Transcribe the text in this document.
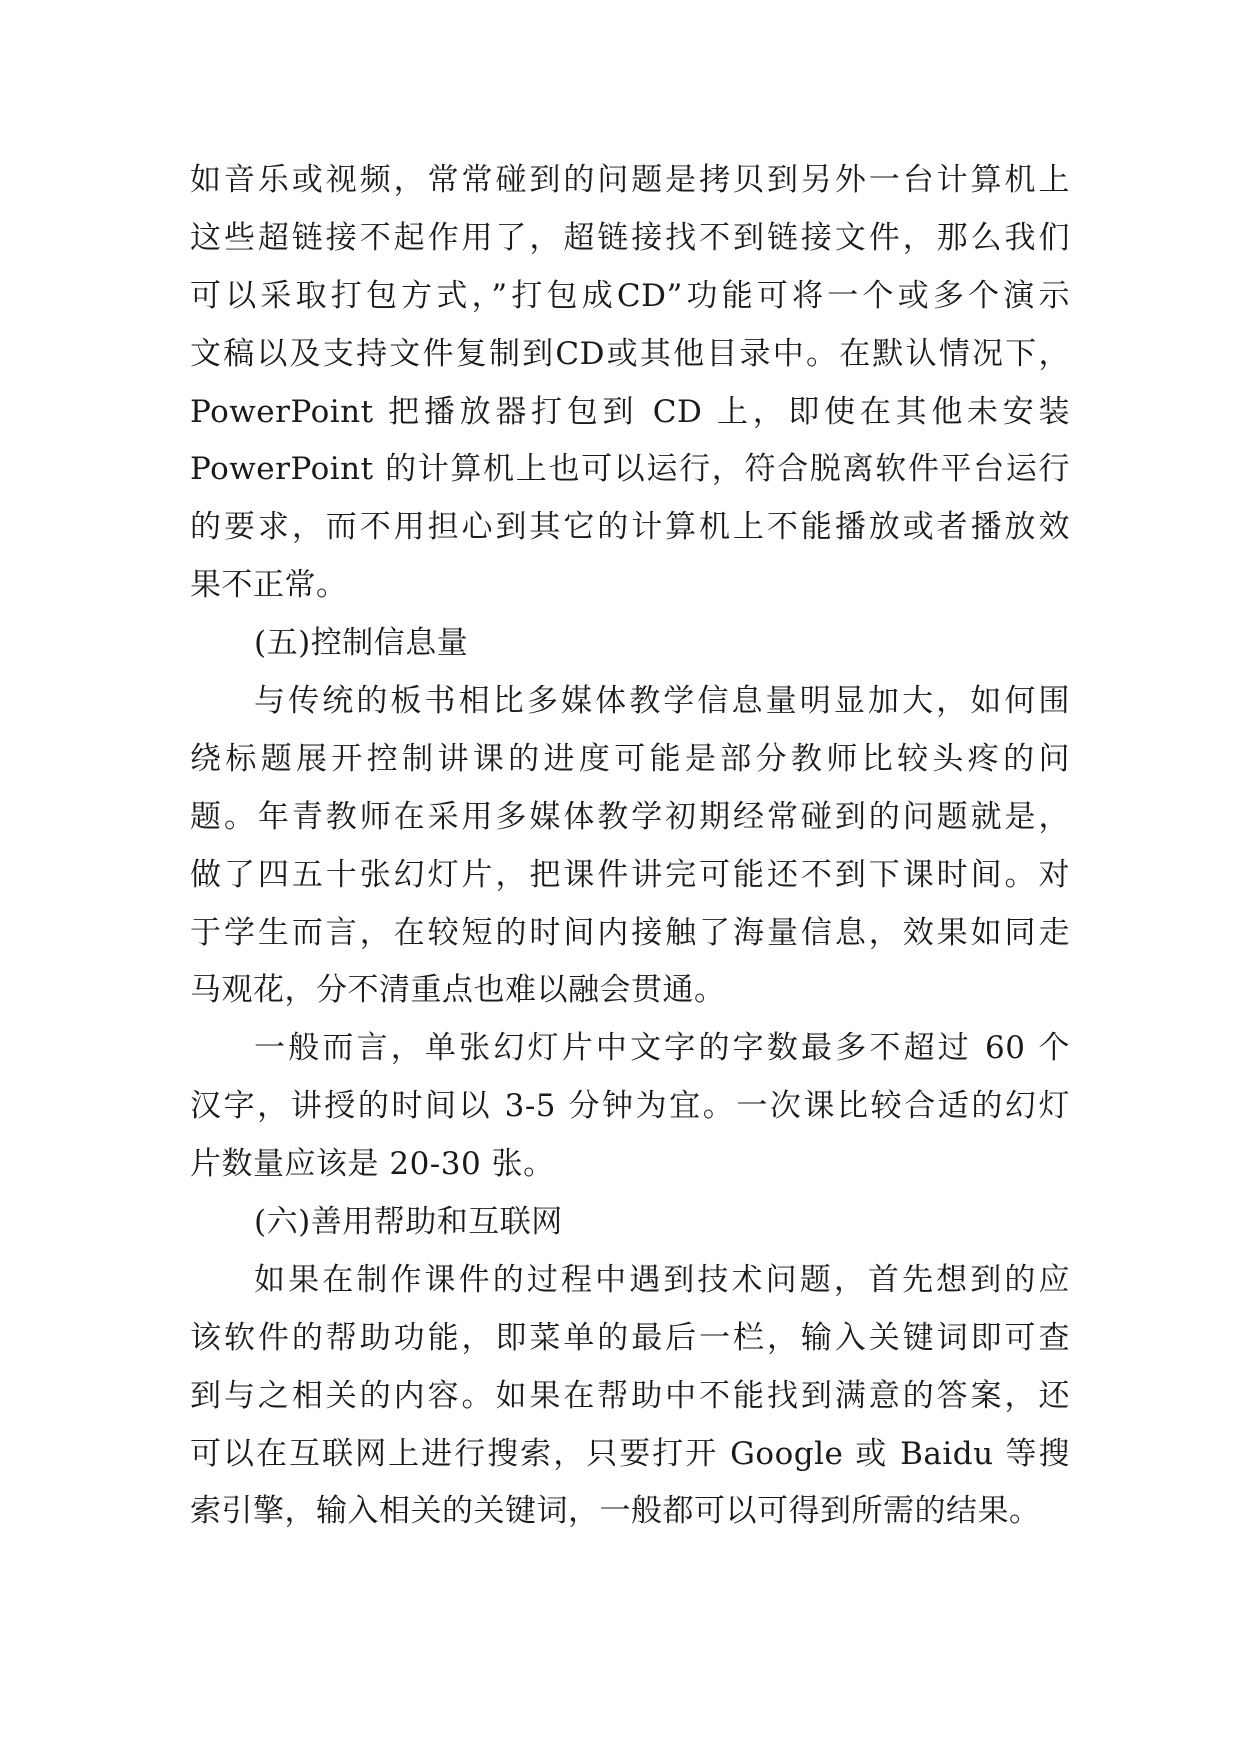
如音乐或视频，常常碰到的问题是拷贝到另外一台计算机上
这些超链接不起作用了，超链接找不到链接文件，那么我们
可以采取打包方式，”打包成CD”功能可将一个或多个演示
文稿以及支持文件复制到CD或其他目录中。在默认情况下，
PowerPoint 把播放器打包到 CD 上，即使在其他未安装
PowerPoint 的计算机上也可以运行，符合脱离软件平台运行
的要求，而不用担心到其它的计算机上不能播放或者播放效
果不正常。
(五)控制信息量
与传统的板书相比多媒体教学信息量明显加大，如何围
绕标题展开控制讲课的进度可能是部分教师比较头疼的问
题。年青教师在采用多媒体教学初期经常碰到的问题就是，
做了四五十张幻灯片，把课件讲完可能还不到下课时间。对
于学生而言，在较短的时间内接触了海量信息，效果如同走
马观花，分不清重点也难以融会贯通。
一般而言，单张幻灯片中文字的字数最多不超过 60 个
汉字，讲授的时间以 3-5 分钟为宜。一次课比较合适的幻灯
片数量应该是 20-30 张。
(六)善用帮助和互联网
如果在制作课件的过程中遇到技术问题，首先想到的应
该软件的帮助功能，即菜单的最后一栏，输入关键词即可查
到与之相关的内容。如果在帮助中不能找到满意的答案，还
可以在互联网上进行搜索，只要打开 Google 或 Baidu 等搜
索引擎，输入相关的关键词，一般都可以可得到所需的结果。
